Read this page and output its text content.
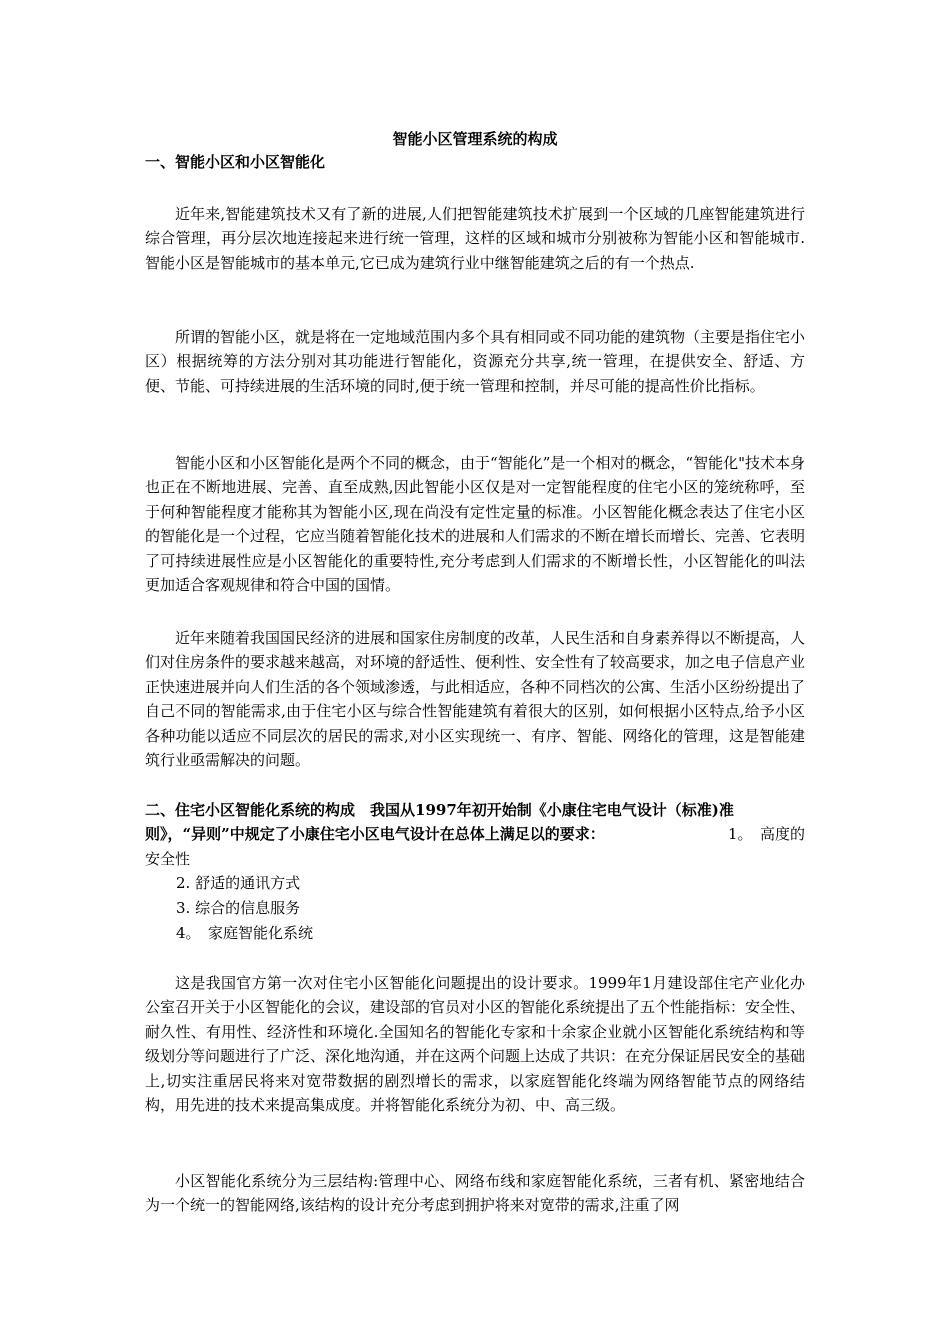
智能小区管理系统的构成
一、智能小区和小区智能化

近年来,智能建筑技术又有了新的进展,人们把智能建筑技术扩展到一个区域的几座智能建筑进行综合管理，再分层次地连接起来进行统一管理，这样的区域和城市分别被称为智能小区和智能城市.智能小区是智能城市的基本单元,它已成为建筑行业中继智能建筑之后的有一个热点.

所谓的智能小区，就是将在一定地域范围内多个具有相同或不同功能的建筑物（主要是指住宅小区）根据统筹的方法分别对其功能进行智能化，资源充分共享,统一管理，在提供安全、舒适、方便、节能、可持续进展的生活环境的同时,便于统一管理和控制，并尽可能的提高性价比指标。

智能小区和小区智能化是两个不同的概念，由于“智能化”是一个相对的概念，“智能化"技术本身也正在不断地进展、完善、直至成熟,因此智能小区仅是对一定智能程度的住宅小区的笼统称呼，至于何种智能程度才能称其为智能小区,现在尚没有定性定量的标准。小区智能化概念表达了住宅小区的智能化是一个过程，它应当随着智能化技术的进展和人们需求的不断在增长而增长、完善、它表明了可持续进展性应是小区智能化的重要特性,充分考虑到人们需求的不断增长性，小区智能化的叫法更加适合客观规律和符合中国的国情。

近年来随着我国国民经济的进展和国家住房制度的改革，人民生活和自身素养得以不断提高，人们对住房条件的要求越来越高，对环境的舒适性、便利性、安全性有了较高要求，加之电子信息产业正快速进展并向人们生活的各个领域渗透，与此相适应，各种不同档次的公寓、生活小区纷纷提出了自己不同的智能需求,由于住宅小区与综合性智能建筑有着很大的区别，如何根据小区特点,给予小区各种功能以适应不同层次的居民的需求,对小区实现统一、有序、智能、网络化的管理，这是智能建筑行业亟需解决的问题。

二、住宅小区智能化系统的构成　我国从1997年初开始制《小康住宅电气设计（标准)准
1。　高度的
则》，“异则”中规定了小康住宅小区电气设计在总体上满足以的要求：
安全性
2. 舒适的通讯方式
3. 综合的信息服务
4。　家庭智能化系统

这是我国官方第一次对住宅小区智能化问题提出的设计要求。1999年1月建设部住宅产业化办公室召开关于小区智能化的会议，建设部的官员对小区的智能化系统提出了五个性能指标：安全性、耐久性、有用性、经济性和环境化.全国知名的智能化专家和十余家企业就小区智能化系统结构和等级划分等问题进行了广泛、深化地沟通，并在这两个问题上达成了共识：在充分保证居民安全的基础上,切实注重居民将来对宽带数据的剧烈增长的需求，以家庭智能化终端为网络智能节点的网络结构，用先进的技术来提高集成度。并将智能化系统分为初、中、高三级。

小区智能化系统分为三层结构:管理中心、网络布线和家庭智能化系统，三者有机、紧密地结合为一个统一的智能网络,该结构的设计充分考虑到拥护将来对宽带的需求,注重了网
